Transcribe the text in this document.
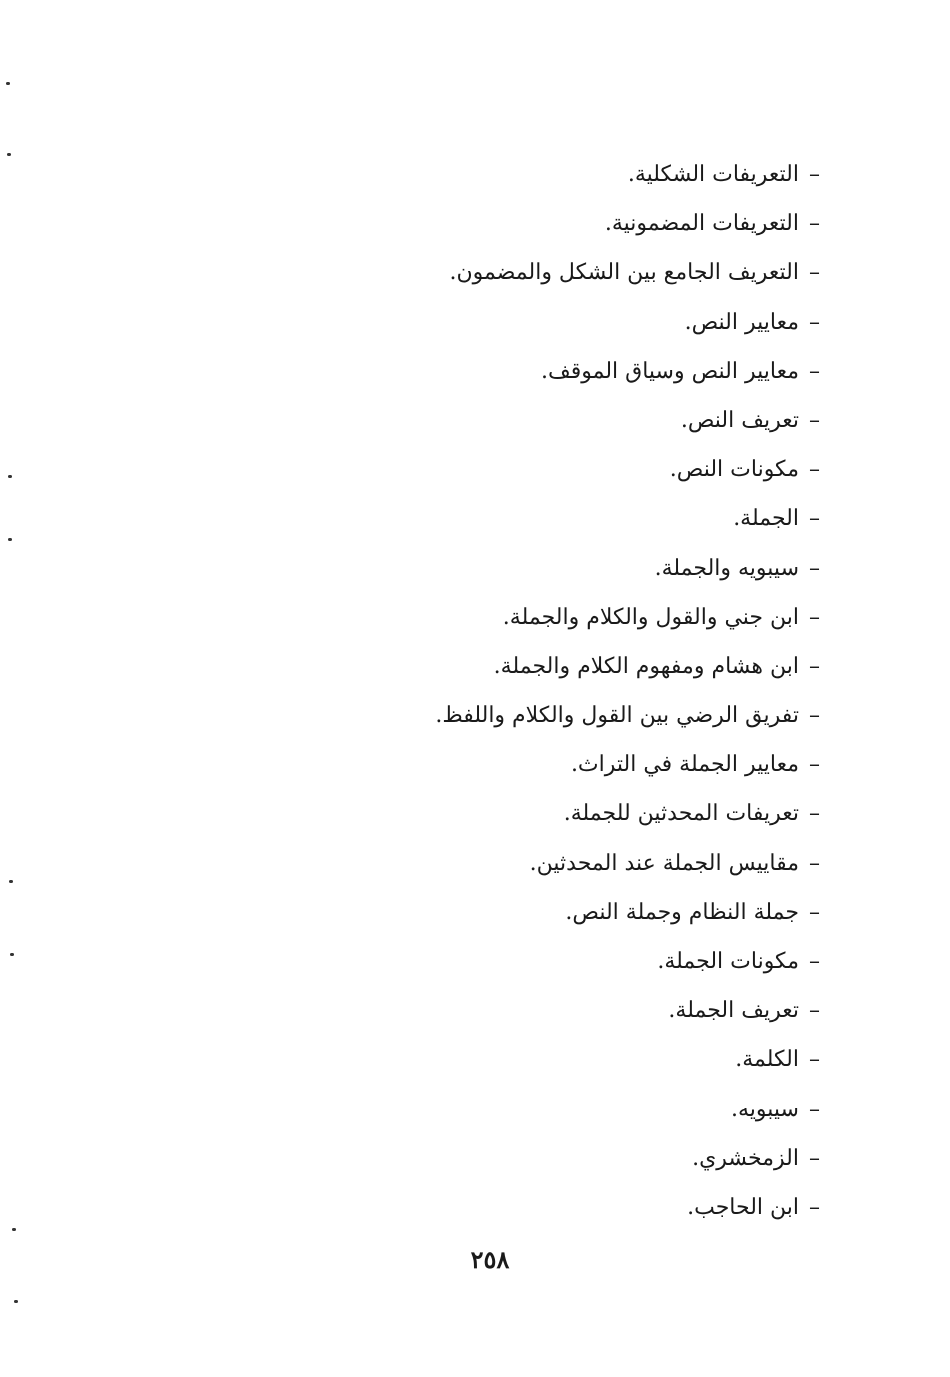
–التعريفات الشكلية.
–التعريفات المضمونية.
–التعريف الجامع بين الشكل والمضمون.
–معايير النص.
–معايير النص وسياق الموقف.
–تعريف النص.
–مكونات النص.
–الجملة.
–سيبويه والجملة.
–ابن جني والقول والكلام والجملة.
–ابن هشام ومفهوم الكلام والجملة.
–تفريق الرضي بين القول والكلام واللفظ.
–معايير الجملة في التراث.
–تعريفات المحدثين للجملة.
–مقاييس الجملة عند المحدثين.
–جملة النظام وجملة النص.
–مكونات الجملة.
–تعريف الجملة.
–الكلمة.
–سيبويه.
–الزمخشري.
–ابن الحاجب.
٢٥٨
